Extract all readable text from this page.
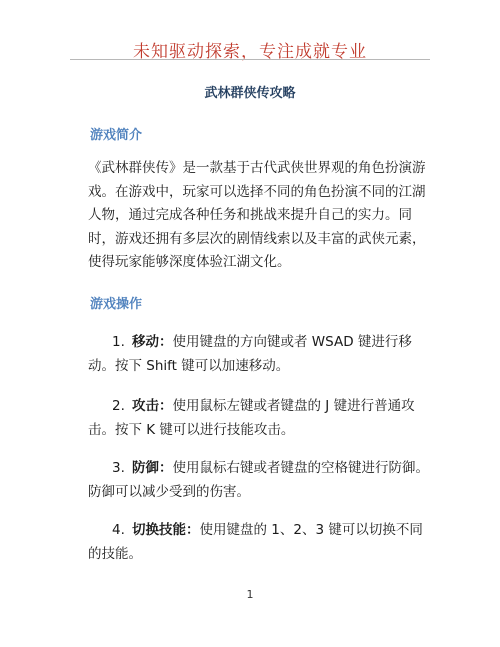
未知驱动探索，专注成就专业
武林群侠传攻略
游戏简介
《武林群侠传》是一款基于古代武侠世界观的角色扮演游戏。在游戏中，玩家可以选择不同的角色扮演不同的江湖人物，通过完成各种任务和挑战来提升自己的实力。同时，游戏还拥有多层次的剧情线索以及丰富的武侠元素，使得玩家能够深度体验江湖文化。
游戏操作
1. 移动：使用键盘的方向键或者 WSAD 键进行移动。按下 Shift 键可以加速移动。
2. 攻击：使用鼠标左键或者键盘的 J 键进行普通攻击。按下 K 键可以进行技能攻击。
3. 防御：使用鼠标右键或者键盘的空格键进行防御。防御可以减少受到的伤害。
4. 切换技能：使用键盘的 1、2、3 键可以切换不同的技能。
1
